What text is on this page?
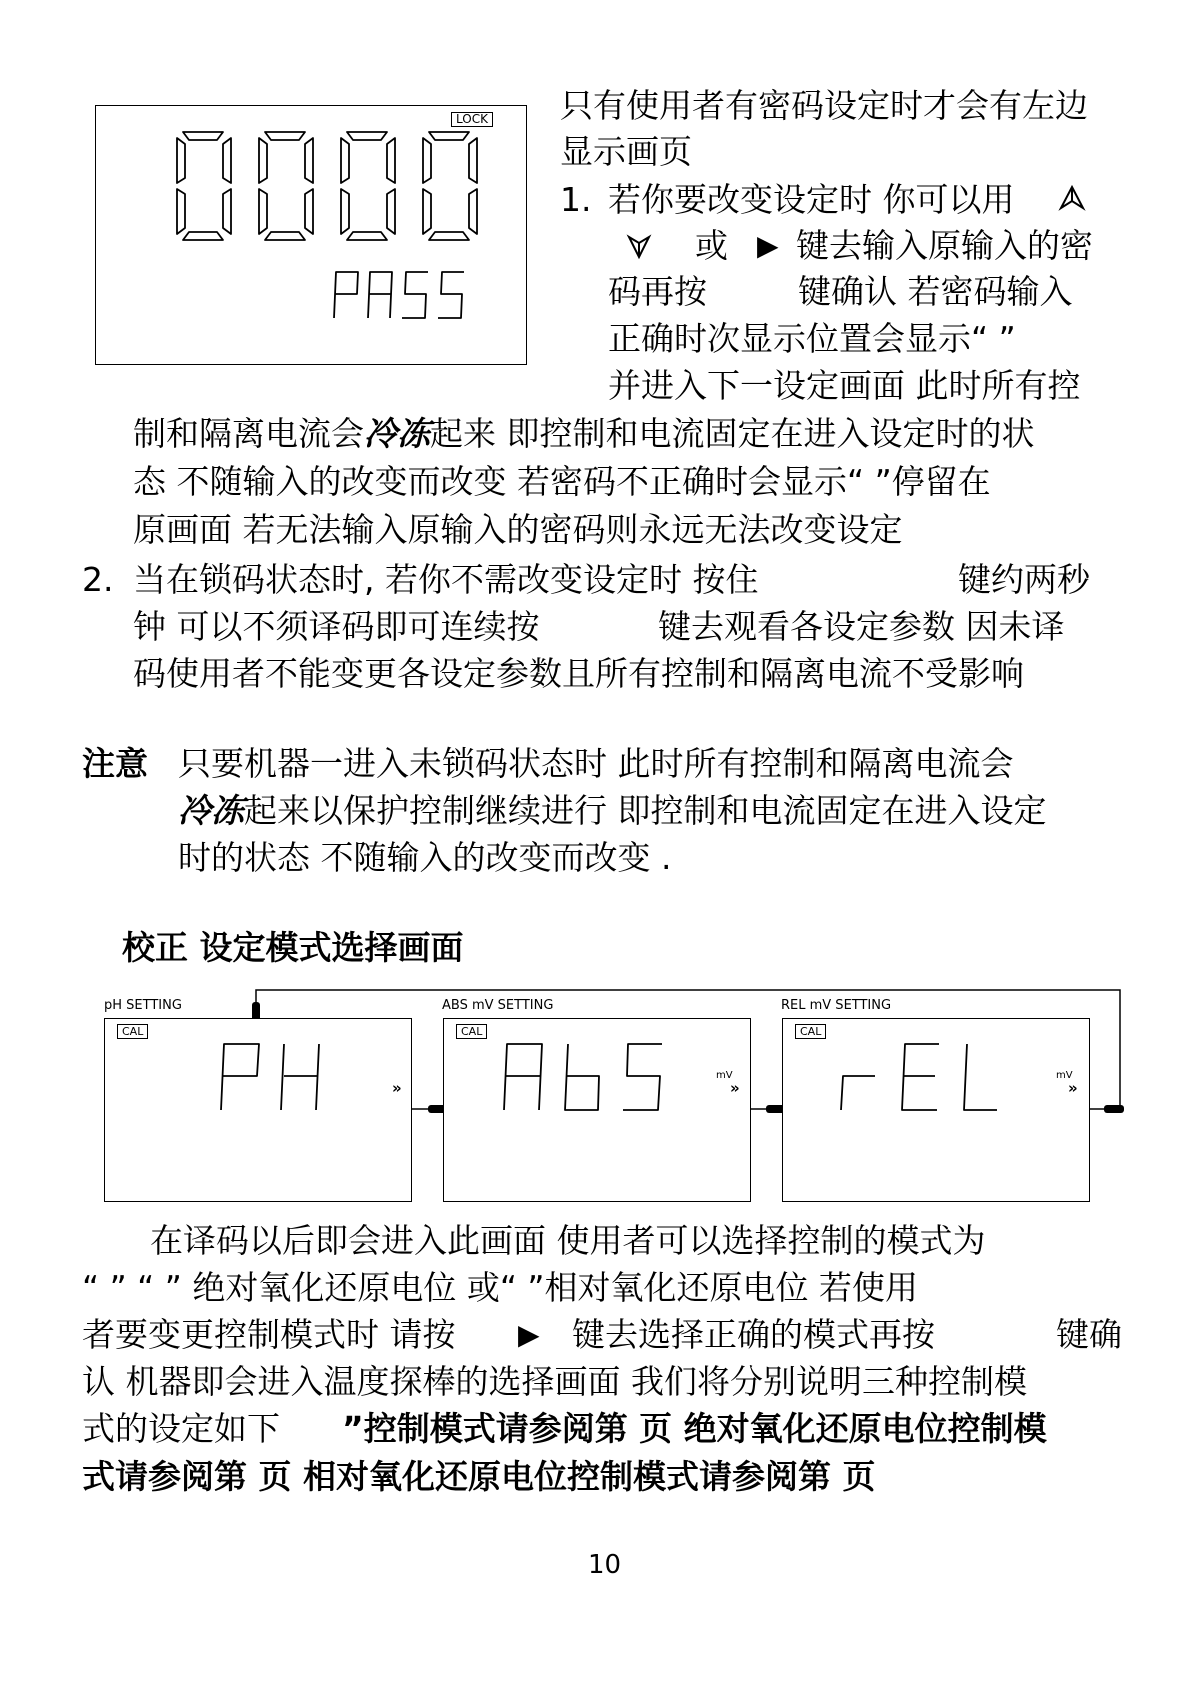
LOCK 只有使用者有密码设定时才会有左边
显示画页
1. 若你要改变设定时 你可以用
或 ▶ 键去输入原输入的密
码再按	键确认 若密码输入
正确时次显示位置会显示“ ”
并进入下一设定画面 此时所有控
制和隔离电流会冷冻起来 即控制和电流固定在进入设定时的状
态 不随输入的改变而改变 若密码不正确时会显示“ ”停留在
原画面 若无法输入原输入的密码则永远无法改变设定
2. 当在锁码状态时, 若你不需改变设定时 按住	键约两秒
钟 可以不须译码即可连续按	键去观看各设定参数 因未译
码使用者不能变更各设定参数且所有控制和隔离电流不受影响
注意 只要机器一进入未锁码状态时 此时所有控制和隔离电流会
冷冻起来以保护控制继续进行 即控制和电流固定在进入设定
时的状态 不随输入的改变而改变 .
校正 设定模式选择画面
pH SETTING
CAL
»
ABS mV SETTING
CAL
mV
»
REL mV SETTING
CAL
mV
»
在译码以后即会进入此画面 使用者可以选择控制的模式为
“ ” “ ” 绝对氧化还原电位 或“ ”相对氧化还原电位 若使用
者要变更控制模式时 请按 ▶ 键去选择正确的模式再按	键确
认 机器即会进入温度探棒的选择画面 我们将分别说明三种控制模
式的设定如下 ”控制模式请参阅第 页 绝对氧化还原电位控制模
式请参阅第 页 相对氧化还原电位控制模式请参阅第 页
10
